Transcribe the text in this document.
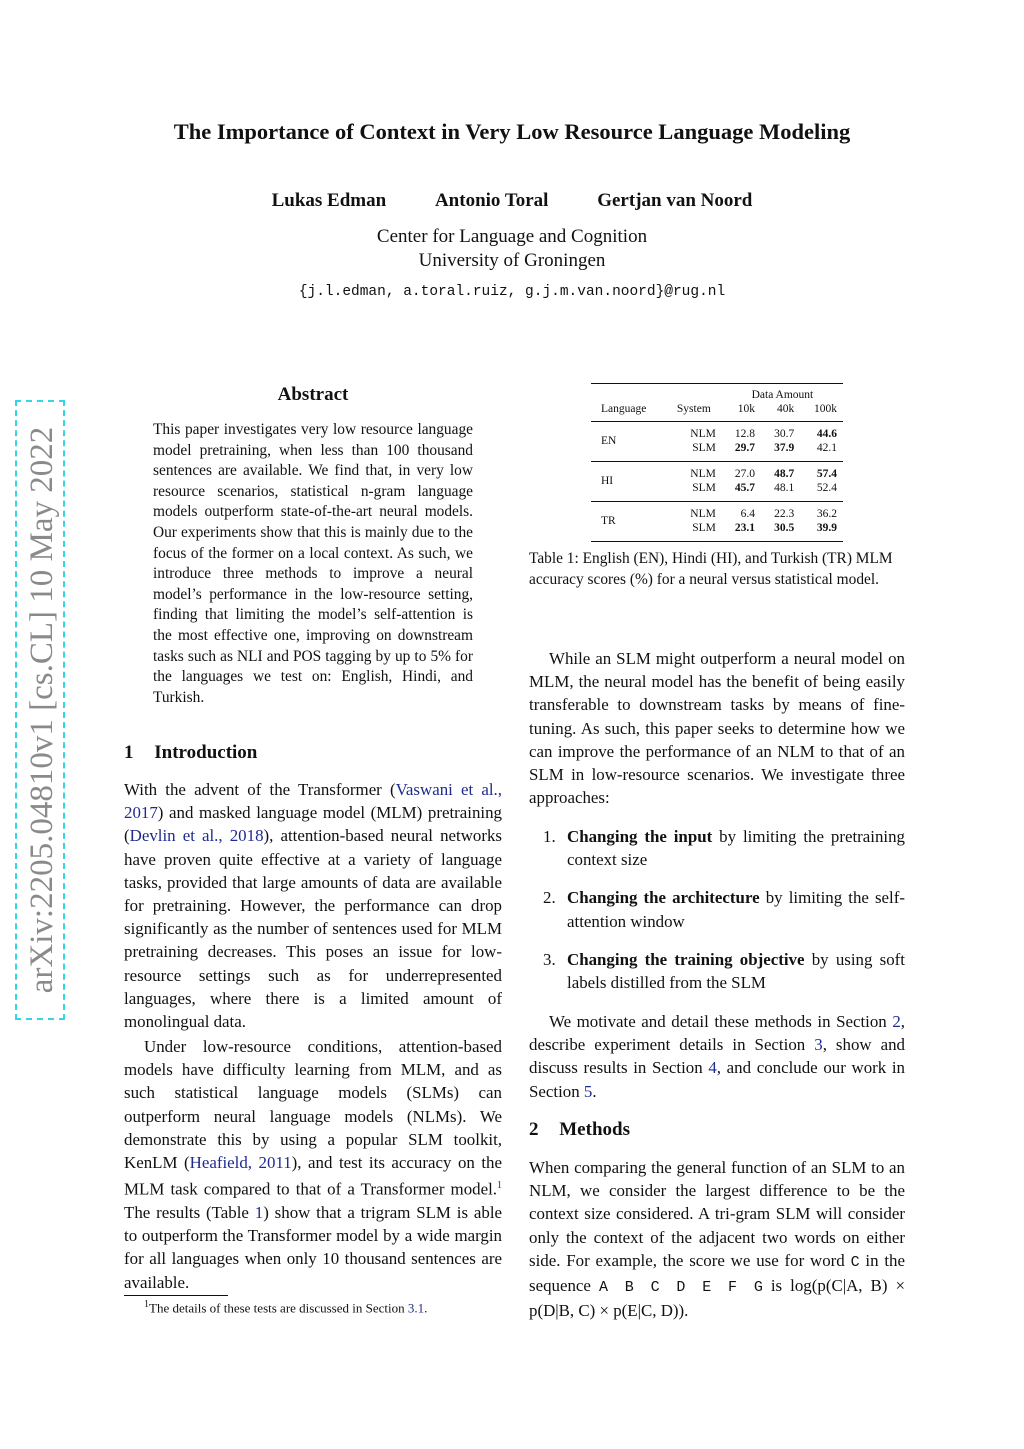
arXiv:2205.04810v1 [cs.CL] 10 May 2022
The Importance of Context in Very Low Resource Language Modeling
Lukas Edman	Antonio Toral	Gertjan van Noord
Center for Language and Cognition
University of Groningen
{j.l.edman, a.toral.ruiz, g.j.m.van.noord}@rug.nl
Abstract
This paper investigates very low resource language model pretraining, when less than 100 thousand sentences are available. We find that, in very low resource scenarios, statistical n-gram language models outperform state-of-the-art neural models. Our experiments show that this is mainly due to the focus of the former on a local context. As such, we introduce three methods to improve a neural model’s performance in the low-resource setting, finding that limiting the model’s self-attention is the most effective one, improving on downstream tasks such as NLI and POS tagging by up to 5% for the languages we test on: English, Hindi, and Turkish.
1 Introduction
With the advent of the Transformer (Vaswani et al., 2017) and masked language model (MLM) pretraining (Devlin et al., 2018), attention-based neural networks have proven quite effective at a variety of language tasks, provided that large amounts of data are available for pretraining. However, the performance can drop significantly as the number of sentences used for MLM pretraining decreases. This poses an issue for low-resource settings such as for underrepresented languages, where there is a limited amount of monolingual data.
Under low-resource conditions, attention-based models have difficulty learning from MLM, and as such statistical language models (SLMs) can outperform neural language models (NLMs). We demonstrate this by using a popular SLM toolkit, KenLM (Heafield, 2011), and test its accuracy on the MLM task compared to that of a Transformer model.$^1$ The results (Table 1) show that a trigram SLM is able to outperform the Transformer model by a wide margin for all languages when only 10 thousand sentences are available.
$^1$The details of these tests are discussed in Section 3.1.
		Data Amount		
Language	System	10k	40k	100k
EN	NLM	12.8	30.7	44.6
	SLM	29.7	37.9	42.1
HI	NLM	27.0	48.7	57.4
	SLM	45.7	48.1	52.4
TR	NLM	6.4	22.3	36.2
	SLM	23.1	30.5	39.9
Table 1: English (EN), Hindi (HI), and Turkish (TR) MLM accuracy scores (%) for a neural versus statistical model.
While an SLM might outperform a neural model on MLM, the neural model has the benefit of being easily transferable to downstream tasks by means of fine-tuning. As such, this paper seeks to determine how we can improve the performance of an NLM to that of an SLM in low-resource scenarios. We investigate three approaches:
1. Changing the input by limiting the pretraining context size
2. Changing the architecture by limiting the self-attention window
3. Changing the training objective by using soft labels distilled from the SLM
We motivate and detail these methods in Section 2, describe experiment details in Section 3, show and discuss results in Section 4, and conclude our work in Section 5.
2 Methods
When comparing the general function of an SLM to an NLM, we consider the largest difference to be the context size considered. A tri-gram SLM will consider only the context of the adjacent two words on either side. For example, the score we use for word C in the sequence A B C D E F G is log(p(C|A, B) × p(D|B, C) × p(E|C, D)).
